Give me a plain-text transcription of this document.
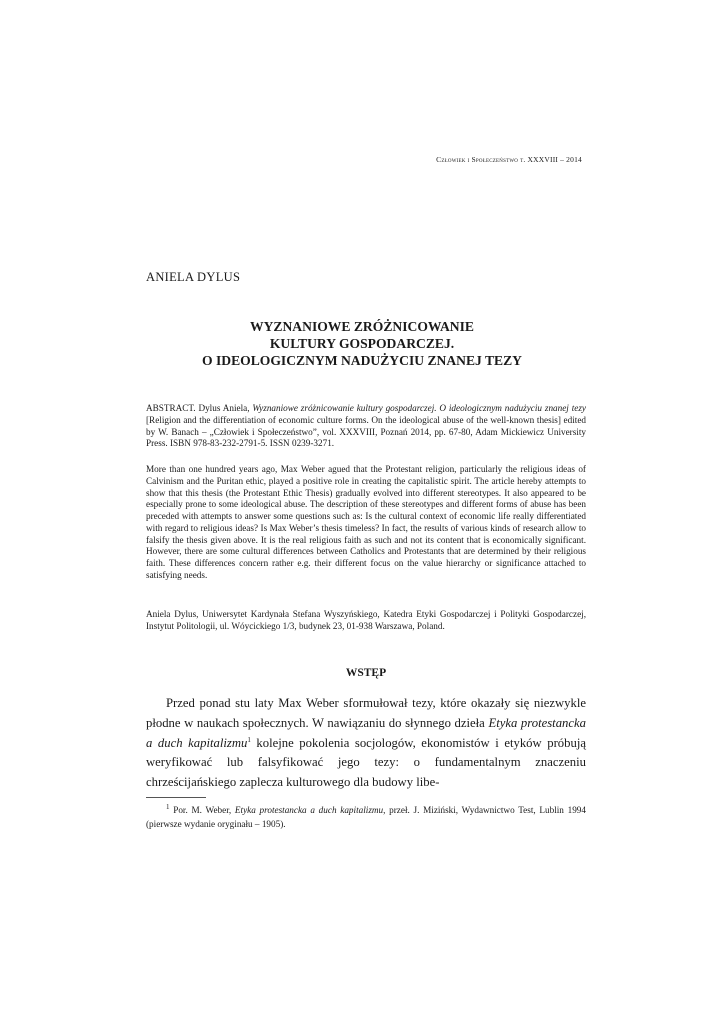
Człowiek i Społeczeństwo t. XXXVIII – 2014
ANIELA DYLUS
WYZNANIOWE ZRÓŻNICOWANIE
KULTURY GOSPODARCZEJ.
O IDEOLOGICZNYM NADUŻYCIU ZNANEJ TEZY

ABSTRACT. Dylus Aniela, Wyznaniowe zróżnicowanie kultury gospodarczej. O ideologicznym nadużyciu znanej tezy [Religion and the differentiation of economic culture forms. On the ideological abuse of the well-known thesis] edited by W. Banach – „Człowiek i Społeczeństwo”, vol. XXXVIII, Poznań 2014, pp. 67-80, Adam Mickiewicz University Press. ISBN 978-83-232-2791-5. ISSN 0239-3271.

More than one hundred years ago, Max Weber agued that the Protestant religion, particularly the religious ideas of Calvinism and the Puritan ethic, played a positive role in creating the capitalistic spirit. The article hereby attempts to show that this thesis (the Protestant Ethic Thesis) gradually evolved into different stereotypes. It also appeared to be especially prone to some ideological abuse. The description of these stereotypes and different forms of abuse has been preceded with attempts to answer some questions such as: Is the cultural context of economic life really differentiated with regard to religious ideas? Is Max Weber’s thesis timeless? In fact, the results of various kinds of research allow to falsify the thesis given above. It is the real religious faith as such and not its content that is economically significant. However, there are some cultural differences between Catholics and Protestants that are determined by their religious faith. These differences concern rather e.g. their different focus on the value hierarchy or significance attached to satisfying needs.

Aniela Dylus, Uniwersytet Kardynała Stefana Wyszyńskiego, Katedra Etyki Gospodarczej i Polityki Gospodarczej, Instytut Politologii, ul. Wóycickiego 1/3, budynek 23, 01-938 Warszawa, Poland.

WSTĘP

Przed ponad stu laty Max Weber sformułował tezy, które okazały się niezwykle płodne w naukach społecznych. W nawiązaniu do słynnego dzieła Etyka protestancka a duch kapitalizmu$^1$ kolejne pokolenia socjologów, ekonomistów i etyków próbują weryfikować lub falsyfikować jego tezy: o fundamentalnym znaczeniu chrześcijańskiego zaplecza kulturowego dla budowy libe-

$^1$ Por. M. Weber, Etyka protestancka a duch kapitalizmu, przeł. J. Miziński, Wydawnictwo Test, Lublin 1994 (pierwsze wydanie oryginału – 1905).
